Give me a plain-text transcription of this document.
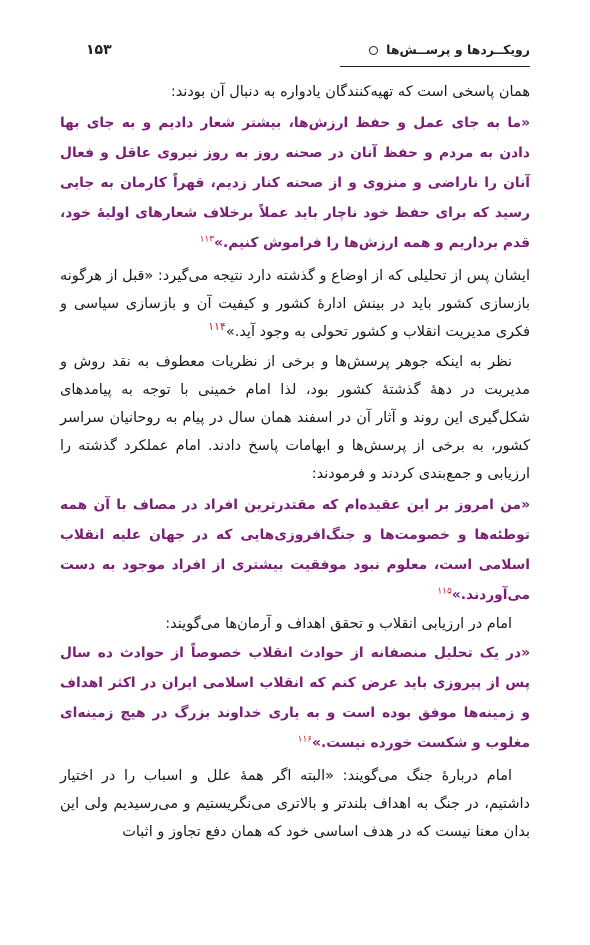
۱۵۳	رویکــردها و پرســش‌ها

همان پاسخی است که تهیه‌کنندگان یادواره به دنبال آن بودند:

«ما به جای عمل و حفظ ارزش‌ها، بیشتر شعار دادیم و به جای بها دادن به مردم و حفظ آنان در صحنه روز به روز نیروی عاقل و فعال آنان را ناراضی و منزوی و از صحنه کنار زدیم، قهراً کارمان به جایی رسید که برای حفظ خود ناچار باید عملاً برخلاف شعارهای اولیهٔ خود، قدم برداریم و همه ارزش‌ها را فراموش کنیم.»$^{۱۱۳}$

ایشان پس از تحلیلی که از اوضاع و گذشته دارد نتیجه می‌گیرد: «قبل از هرگونه بازسازی کشور باید در بینش ادارهٔ کشور و کیفیت آن و بازسازی سیاسی و فکری مدیریت انقلاب و کشور تحولی به وجود آید.»$^{۱۱۴}$

نظر به اینکه جوهر پرسش‌ها و برخی از نظریات معطوف به نقد روش و مدیریت در دههٔ گذشتهٔ کشور بود، لذا امام خمینی با توجه به پیامدهای شکل‌گیری این روند و آثار آن در اسفند همان سال در پیام به روحانیان سراسر کشور، به برخی از پرسش‌ها و ابهامات پاسخ دادند. امام عملکرد گذشته را ارزیابی و جمع‌بندی کردند و فرمودند:

«من امروز بر این عقیده‌ام که مقتدرترین افراد در مصاف با آن همه توطئه‌ها و خصومت‌ها و جنگ‌افروزی‌هایی که در جهان علیه انقلاب اسلامی است، معلوم نبود موفقیت بیشتری از افراد موجود به دست می‌آوردند.»$^{۱۱۵}$

امام در ارزیابی انقلاب و تحقق اهداف و آرمان‌ها می‌گویند:

«در یک تحلیل منصفانه از حوادث انقلاب خصوصاً از حوادث ده سال پس از پیروزی باید عرض کنم که انقلاب اسلامی ایران در اکثر اهداف و زمینه‌ها موفق بوده است و به یاری خداوند بزرگ در هیچ زمینه‌ای مغلوب و شکست خورده نیست.»$^{۱۱۶}$

امام دربارهٔ جنگ می‌گویند: «البته اگر همهٔ علل و اسباب را در اختیار داشتیم، در جنگ به اهداف بلندتر و بالاتری می‌نگریستیم و می‌رسیدیم ولی این بدان معنا نیست که در هدف اساسی خود که همان دفع تجاوز و اثبات
